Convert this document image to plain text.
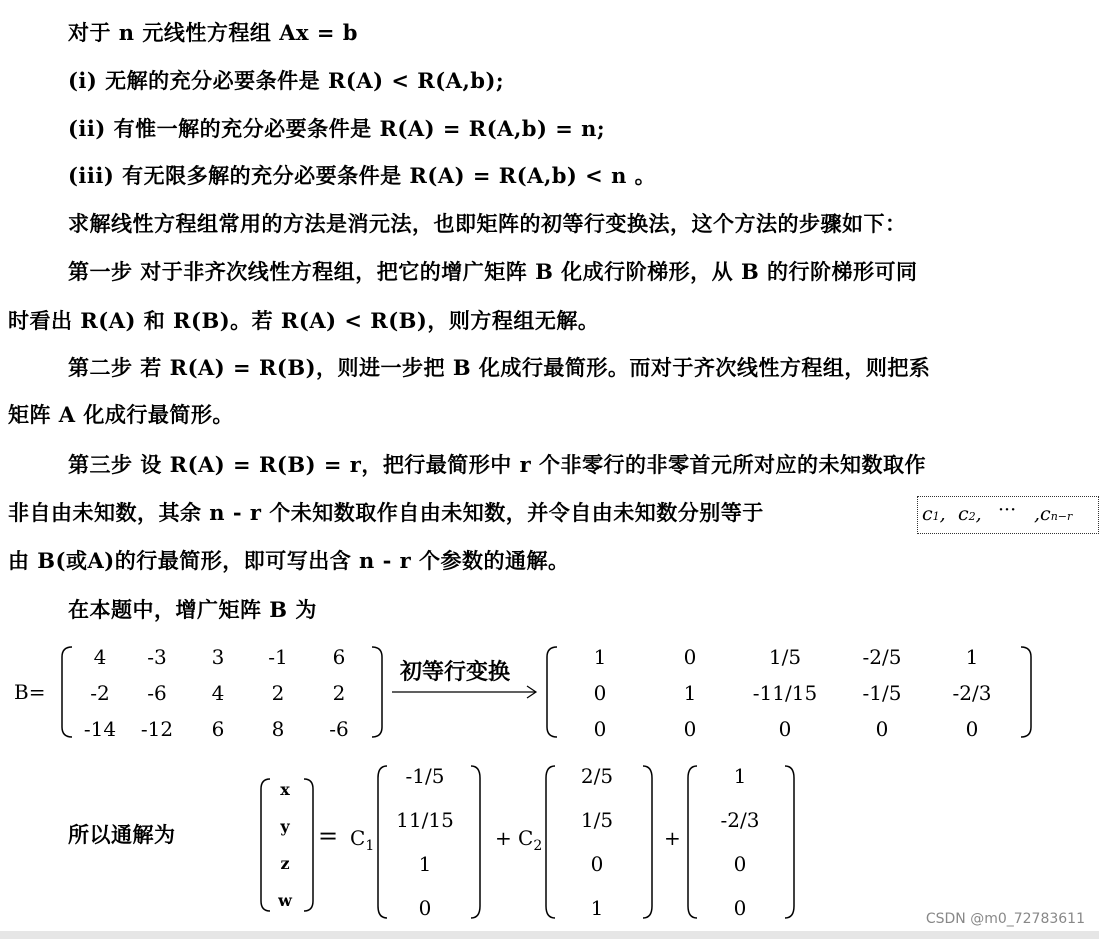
对于 n 元线性方程组 Ax = b
(i) 无解的充分必要条件是 R(A) < R(A,b);
(ii) 有惟一解的充分必要条件是 R(A) = R(A,b) = n;
(iii) 有无限多解的充分必要条件是 R(A) = R(A,b) < n 。
求解线性方程组常用的方法是消元法，也即矩阵的初等行变换法，这个方法的步骤如下：
第一步 对于非齐次线性方程组，把它的增广矩阵 B 化成行阶梯形，从 B 的行阶梯形可同
时看出 R(A) 和 R(B)。若 R(A) < R(B)，则方程组无解。
第二步 若 R(A) = R(B)，则进一步把 B 化成行最简形。而对于齐次线性方程组，则把系
矩阵 A 化成行最简形。
第三步 设 R(A) = R(B) = r，把行最简形中 r 个非零行的非零首元所对应的未知数取作
非自由未知数，其余 n - r 个未知数取作自由未知数，并令自由未知数分别等于	c1, c2, ··· ,cn−r
由 B(或A)的行最简形，即可写出含 n - r 个参数的通解。
在本题中，增广矩阵 B 为
B=
4	-3	3	-1	6
-2	-6	4	2	2
-14	-12	6	8	-6
初等行变换
1	0	1/5	-2/5	1
0	1	-11/15	-1/5	-2/3
0	0	0	0	0
所以通解为
x
y
z
w
= $C_1$
-1/5
11/15
1
0
+ $C_2$
2/5
1/5
0
1
+
1
-2/3
0
0	CSDN @m0_72783611
